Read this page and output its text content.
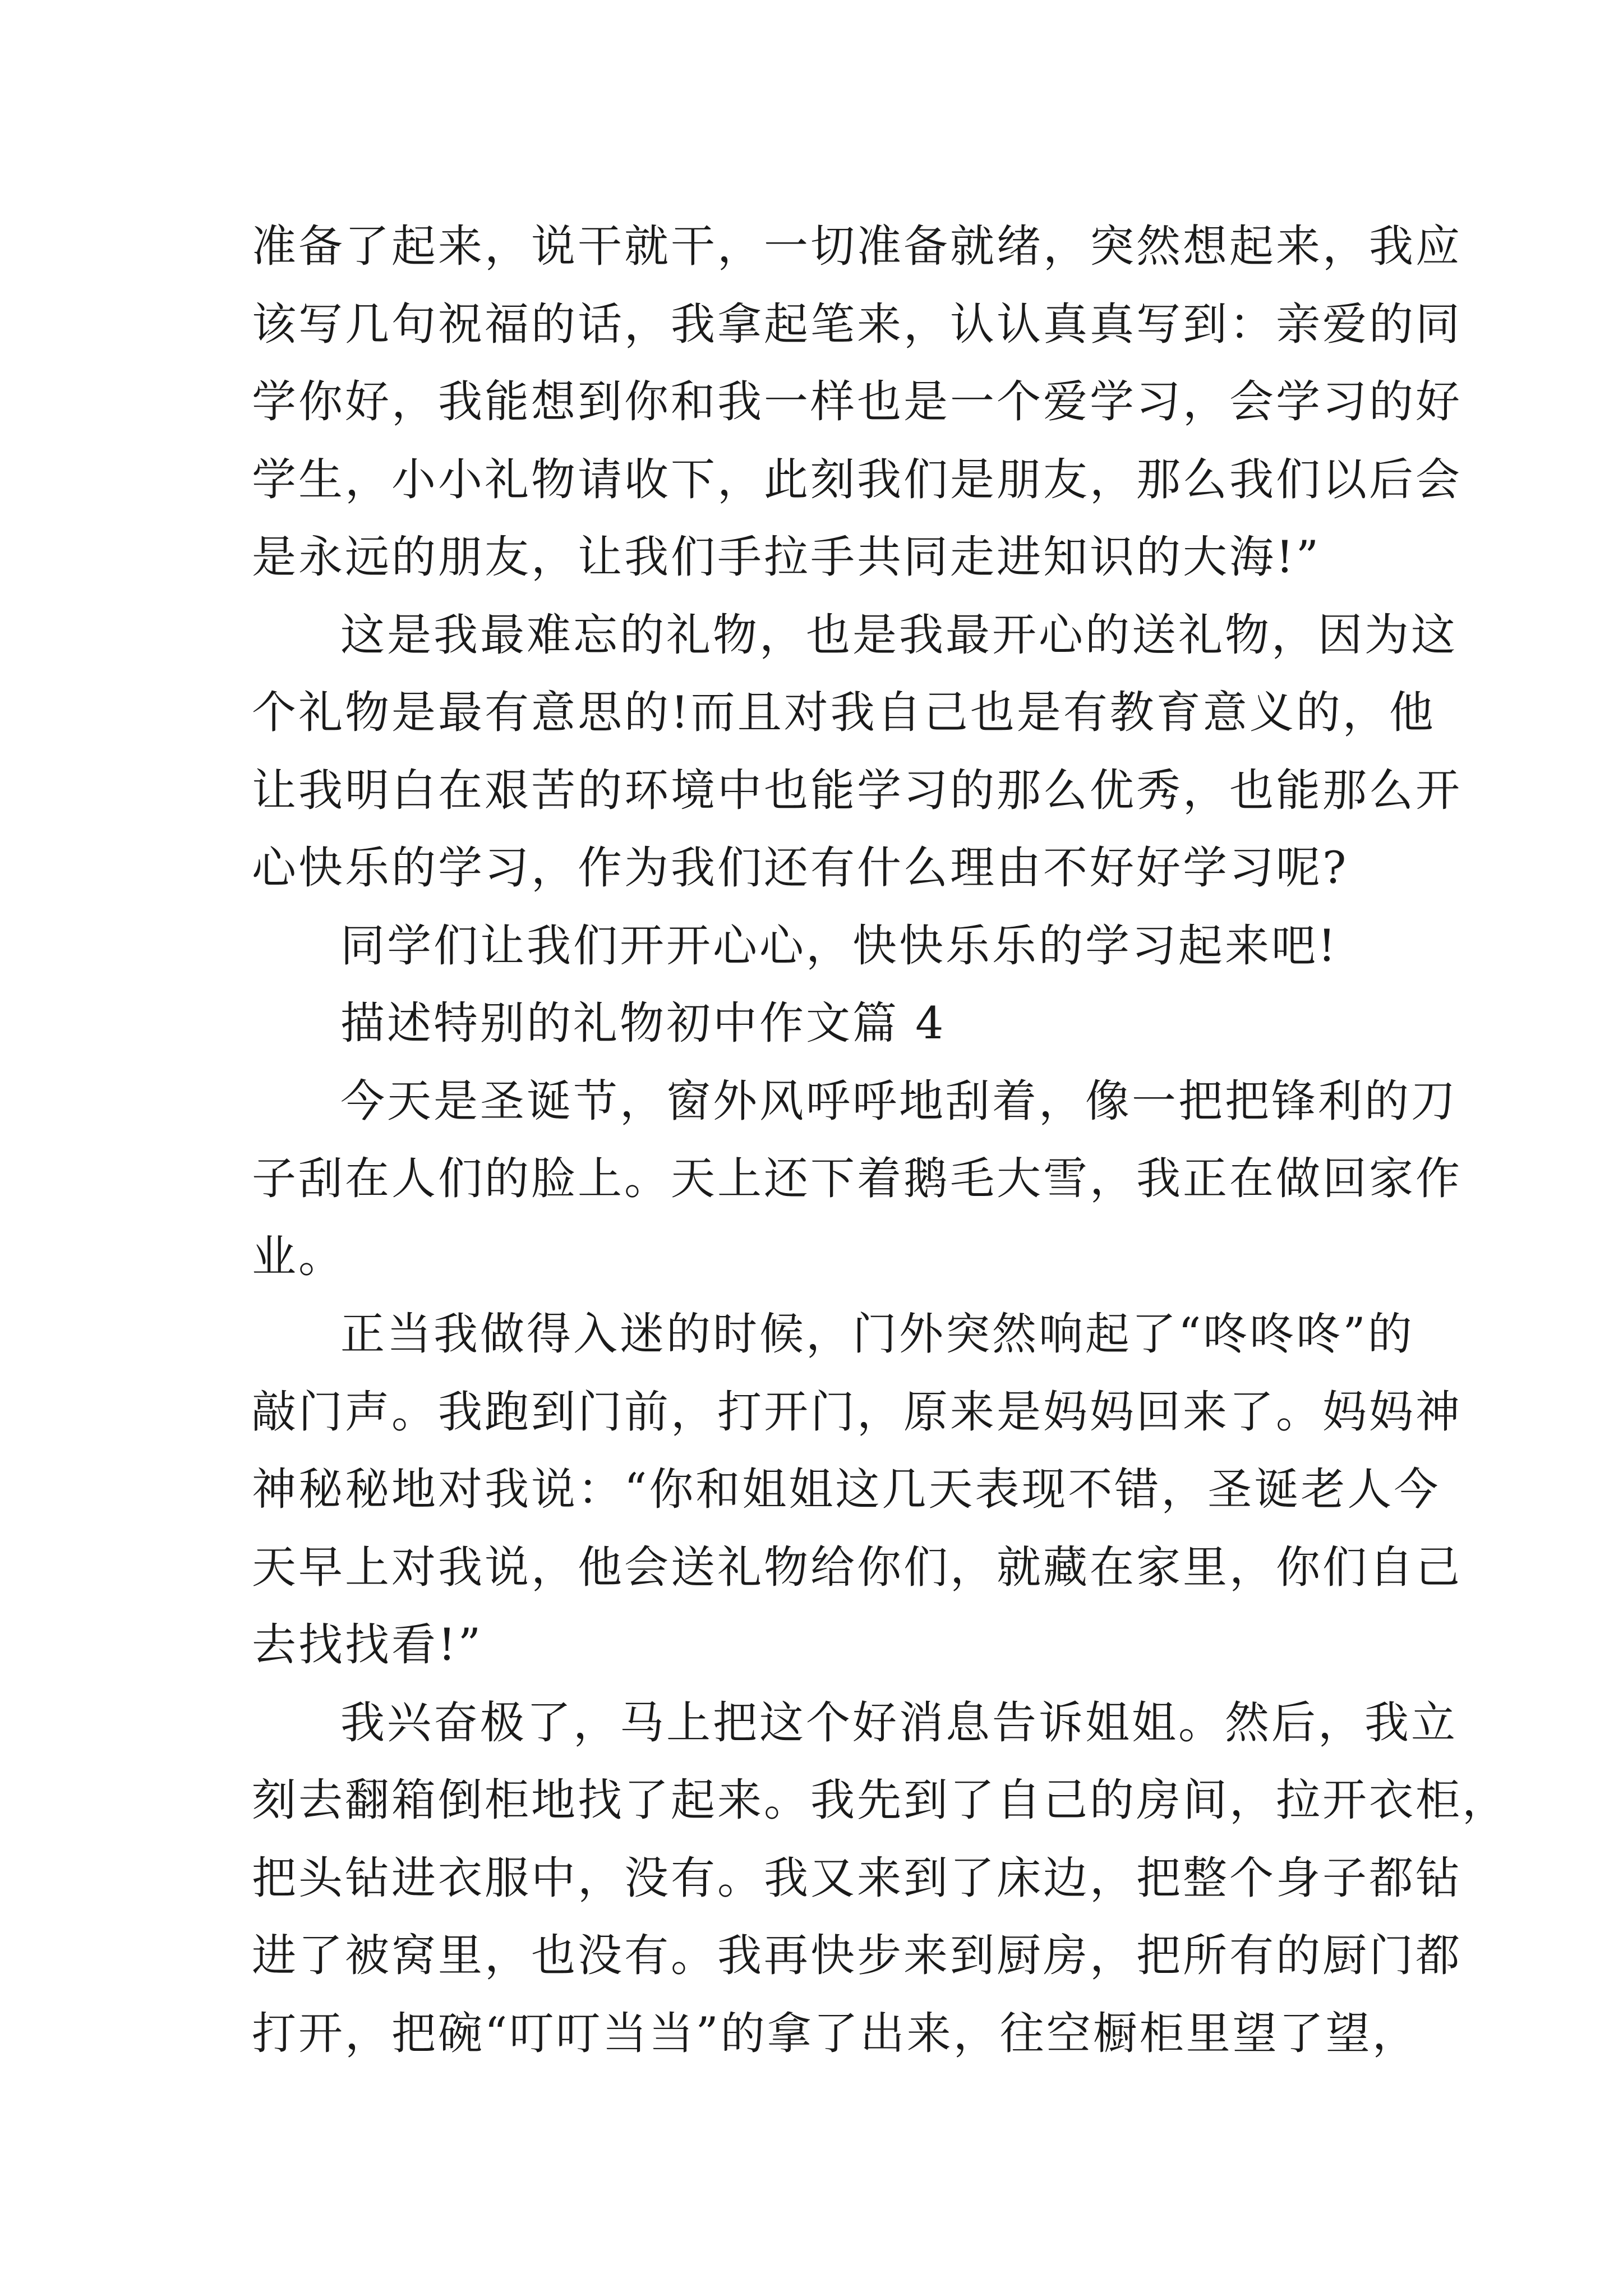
准备了起来，说干就干，一切准备就绪，突然想起来，我应
该写几句祝福的话，我拿起笔来，认认真真写到：亲爱的同
学你好，我能想到你和我一样也是一个爱学习，会学习的好
学生，小小礼物请收下，此刻我们是朋友，那么我们以后会
是永远的朋友，让我们手拉手共同走进知识的大海!”
这是我最难忘的礼物，也是我最开心的送礼物，因为这
个礼物是最有意思的!而且对我自己也是有教育意义的，他
让我明白在艰苦的环境中也能学习的那么优秀，也能那么开
心快乐的学习，作为我们还有什么理由不好好学习呢?
同学们让我们开开心心，快快乐乐的学习起来吧!
描述特别的礼物初中作文篇 4
今天是圣诞节，窗外风呼呼地刮着，像一把把锋利的刀
子刮在人们的脸上。天上还下着鹅毛大雪，我正在做回家作
业。
正当我做得入迷的时候，门外突然响起了“咚咚咚”的
敲门声。我跑到门前，打开门，原来是妈妈回来了。妈妈神
神秘秘地对我说：“你和姐姐这几天表现不错，圣诞老人今
天早上对我说，他会送礼物给你们，就藏在家里，你们自己
去找找看!”
我兴奋极了，马上把这个好消息告诉姐姐。然后，我立
刻去翻箱倒柜地找了起来。我先到了自己的房间，拉开衣柜，
把头钻进衣服中，没有。我又来到了床边，把整个身子都钻
进了被窝里，也没有。我再快步来到厨房，把所有的厨门都
打开，把碗“叮叮当当”的拿了出来，往空橱柜里望了望，
